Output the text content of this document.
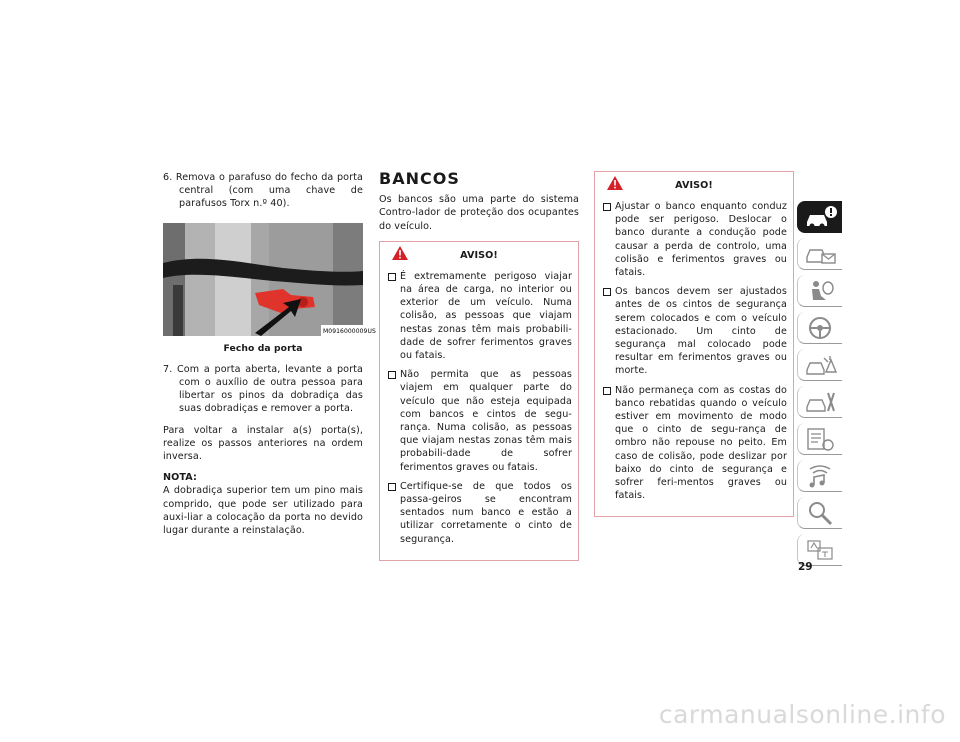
6. Remova o parafuso do fecho da porta central (com uma chave de parafusos Torx n.º 40).
M0916000009US
Fecho da porta
7. Com a porta aberta, levante a porta com o auxílio de outra pessoa para libertar os pinos da dobradiça das suas dobradiças e remover a porta.

Para voltar a instalar a(s) porta(s), realize os passos anteriores na ordem inversa.

NOTA:

A dobradiça superior tem um pino mais comprido, que pode ser utilizado para auxi-liar a colocação da porta no devido lugar durante a reinstalação.

BANCOS

Os bancos são uma parte do sistema Contro-lador de proteção dos ocupantes do veículo.

AVISO!
É extremamente perigoso viajar na área de carga, no interior ou exterior de um veículo. Numa colisão, as pessoas que viajam nestas zonas têm mais probabili-dade de sofrer ferimentos graves ou fatais.
Não permita que as pessoas viajem em qualquer parte do veículo que não esteja equipada com bancos e cintos de segu-rança. Numa colisão, as pessoas que viajam nestas zonas têm mais probabili-dade de sofrer ferimentos graves ou fatais.
Certifique-se de que todos os passa-geiros se encontram sentados num banco e estão a utilizar corretamente o cinto de segurança.
AVISO!
Ajustar o banco enquanto conduz pode ser perigoso. Deslocar o banco durante a condução pode causar a perda de controlo, uma colisão e ferimentos graves ou fatais.
Os bancos devem ser ajustados antes de os cintos de segurança serem colocados e com o veículo estacionado. Um cinto de segurança mal colocado pode resultar em ferimentos graves ou morte.
Não permaneça com as costas do banco rebatidas quando o veículo estiver em movimento de modo que o cinto de segu-rança de ombro não repouse no peito. Em caso de colisão, pode deslizar por baixo do cinto de segurança e sofrer feri-mentos graves ou fatais.
29
carmanualsonline.info
